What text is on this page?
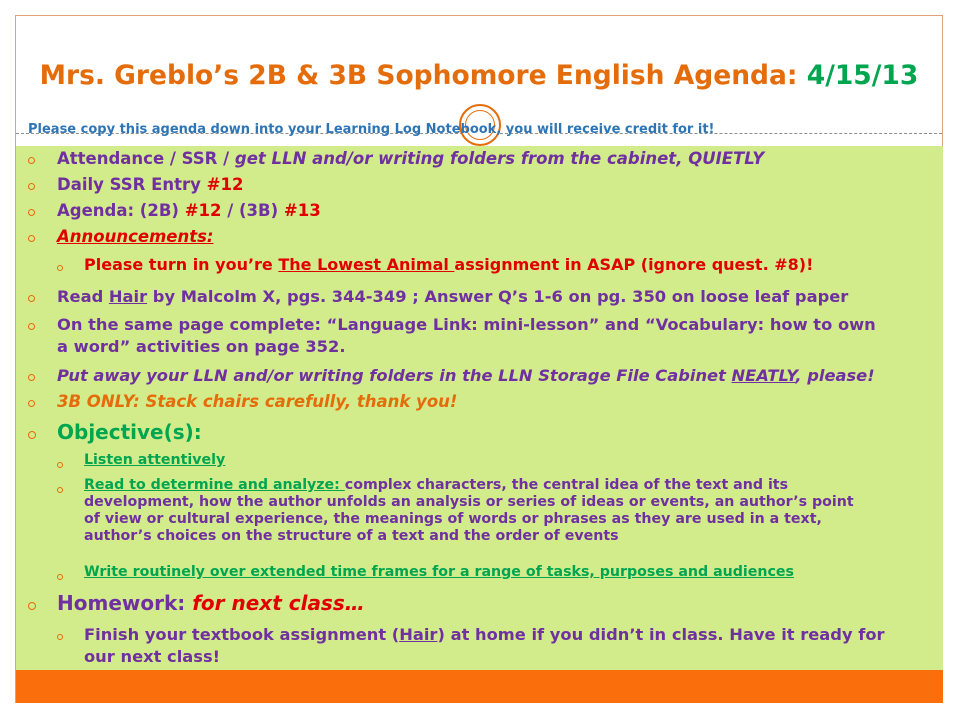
Mrs. Greblo’s 2B & 3B Sophomore English Agenda: 4/15/13
Please copy this agenda down into your Learning Log Notebook, you will receive credit for it!
Attendance / SSR / get LLN and/or writing folders from the cabinet, QUIETLY
Daily SSR Entry #12
Agenda: (2B) #12 / (3B) #13
Announcements:
Please turn in you’re The Lowest Animal assignment in ASAP (ignore quest. #8)!
Read Hair by Malcolm X, pgs. 344-349 ; Answer Q’s 1-6 on pg. 350 on loose leaf paper
On the same page complete: “Language Link: mini-lesson” and “Vocabulary: how to own
a word” activities on page 352.
Put away your LLN and/or writing folders in the LLN Storage File Cabinet NEATLY, please!
3B ONLY: Stack chairs carefully, thank you!
Objective(s):
Listen attentively
Read to determine and analyze: complex characters, the central idea of the text and its
development, how the author unfolds an analysis or series of ideas or events, an author’s point
of view or cultural experience, the meanings of words or phrases as they are used in a text,
author’s choices on the structure of a text and the order of events
Write routinely over extended time frames for a range of tasks, purposes and audiences
Homework: for next class…
Finish your textbook assignment (Hair) at home if you didn’t in class. Have it ready for
our next class!
